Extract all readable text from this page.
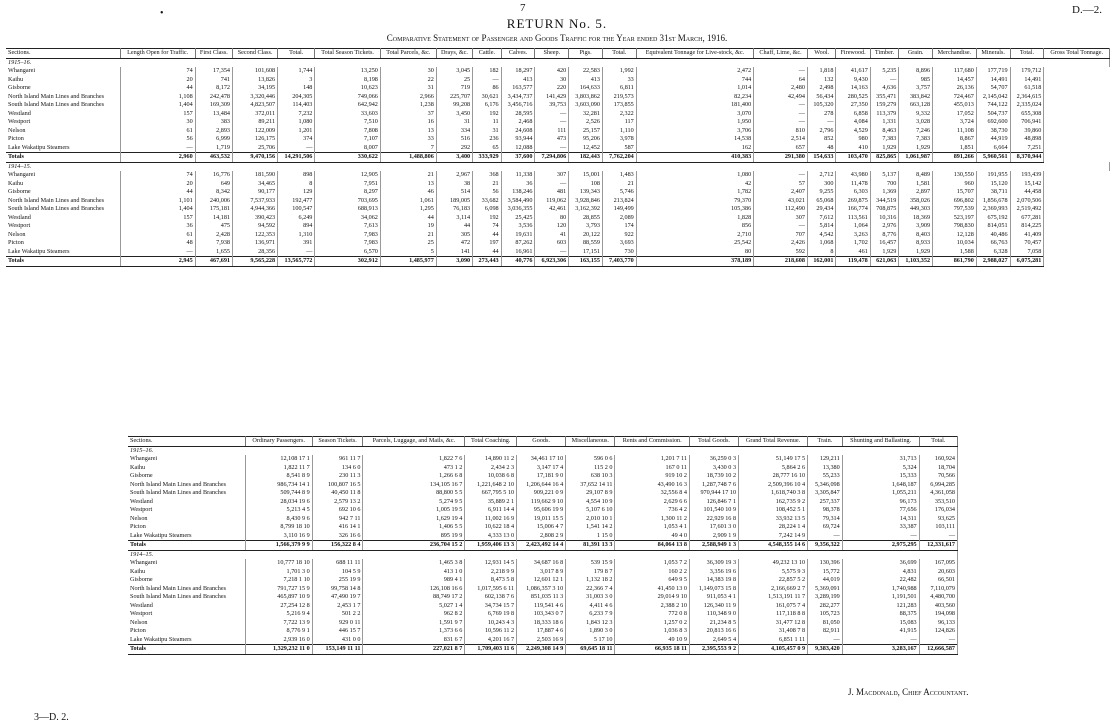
•	7	D.—2.
RETURN No. 5.
Comparative Statement of Passenger and Goods Traffic for the Year ended 31st March, 1916.
Sections.	Length Open for Traffic.	First Class.	Second Class.	Total.	Total Season Tickets.	Total Parcels, &c.	Drays, &c.	Cattle.	Calves.	Sheep.	Pigs.	Total.	Equivalent Tonnage for Live-stock, &c.	Chaff, Lime, &c.	Wool.	Firewood.	Timber.	Grain.	Merchandise.	Minerals.	Total.	Gross Total Tonnage.
1915–16.																						
Whangarei	74	17,354	101,608	1,744	13,250	30	3,045	182	18,297	420	22,583	1,992	2,472	—	1,818	41,617	5,235	8,896	117,680	177,719	179,712	
Kaihu	20	741	13,826	3	8,198	22	25	—	413	30	413	33	744	64	132	9,430	—	985	14,457	14,491	14,491	
Gisborne	44	8,172	34,195	148	10,623	31	719	86	163,577	220	164,633	6,811	1,014	2,480	2,498	14,163	4,636	3,757	26,136	54,707	61,518	
North Island Main Lines and Branches	1,108	242,478	3,320,446	204,305	749,066	2,966	225,707	30,621	3,434,737	141,429	3,803,862	219,573	82,234	42,494	56,434	280,525	355,471	383,842	724,467	2,145,042	2,364,615	
South Island Main Lines and Branches	1,404	169,309	4,823,507	114,403	642,942	1,238	99,208	6,176	3,456,716	39,753	3,603,090	173,855	181,400	—	105,320	27,350	159,279	663,128	455,013	744,122	2,335,024	
Westland	157	13,484	372,011	7,232	33,603	37	3,450	192	28,595	—	32,281	2,322	3,070	—	278	6,858	113,379	9,332	17,052	504,737	655,308	
Westport	30	383	89,211	1,080	7,510	16	31	11	2,468	—	2,526	117	1,950	—	—	4,084	1,331	3,028	3,724	692,600	706,941	
Nelson	61	2,893	122,009	1,201	7,808	13	334	31	24,608	111	25,157	1,110	3,706	810	2,796	4,529	8,463	7,246	11,108	38,730	39,860	
Picton	56	6,999	126,175	374	7,107	33	516	236	93,944	473	95,206	3,978	14,538	2,514	852	980	7,383	7,383	8,867	44,919	48,898	
Lake Wakatipu Steamers	—	1,719	25,706	—	8,007	7	292	65	12,088	—	12,452	587	162	657	48	410	1,929	1,929	1,851	6,664	7,251	
Totals	2,960	463,532	9,470,156	14,291,506	330,622	1,488,806	3,400	333,929	37,600	7,294,806	182,443	7,762,204	410,383	291,380	154,633	103,470	825,865	1,061,987	891,266	5,960,561	8,370,944	
1914–15.																						
Whangarei	74	16,776	181,590	898	12,905	21	2,967	368	11,338	307	15,001	1,483	1,080	—	2,712	43,980	5,137	8,489	130,550	191,955	193,439	
Kaihu	20	649	34,465	8	7,951	13	38	21	36	—	108	21	42	57	300	11,478	700	1,581	960	15,120	15,142	
Gisborne	44	8,342	90,177	129	8,297	46	514	56	138,246	481	139,343	5,746	1,782	2,407	9,255	6,303	1,369	2,897	15,707	38,711	44,458	
North Island Main Lines and Branches	1,101	240,006	7,537,933	192,477	703,695	1,061	189,005	33,682	3,584,490	119,062	3,928,846	213,824	79,370	43,021	65,068	269,875	344,519	358,026	696,802	1,856,678	2,070,506	
South Island Main Lines and Branches	1,404	175,181	4,944,366	100,547	688,913	1,295	76,183	6,098	3,036,355	42,461	3,162,392	149,499	105,386	112,490	29,434	166,774	708,875	449,303	797,539	2,369,993	2,519,492	
Westland	157	14,181	390,423	6,249	34,062	44	3,114	192	25,425	80	28,855	2,089	1,828	307	7,612	113,561	10,316	18,369	523,197	675,192	677,281	
Westport	36	475	94,592	894	7,613	19	44	74	3,536	120	3,793	174	856	—	5,814	1,064	2,976	3,909	798,830	814,051	814,225	
Nelson	61	2,428	122,353	1,310	7,983	21	305	44	19,631	41	20,122	922	2,710	707	4,542	3,263	8,776	8,403	12,128	40,486	41,409	
Picton	48	7,938	136,971	391	7,983	25	472	197	87,262	603	88,559	3,693	25,542	2,426	1,068	1,702	16,457	8,933	10,034	66,763	70,457	
Lake Wakatipu Steamers	—	1,655	28,356	—	6,570	5	141	44	16,961	—	17,151	730	80	592	8	461	1,929	1,929	1,588	6,328	7,058	
Totals	2,945	467,691	9,565,228	13,565,772	302,912	1,485,977	3,090	273,443	40,776	6,923,306	163,155	7,403,770	378,189	218,608	162,001	119,478	621,063	1,103,352	861,790	2,988,027	6,075,281	
Sections.	Ordinary Passengers.	Season Tickets.	Parcels, Luggage, and Mails, &c.	Total Coaching.	Goods.	Miscellaneous.	Rents and Commission.	Total Goods.	Grand Total Revenue.	Train.	Shunting and Ballasting.	Total.
1915–16.												
Whangarei	12,108 17 1	961 11 7	1,822 7 6	14,890 11 2	34,461 17 10	596 0 6	1,201 7 11	36,259 0 3	51,149 17 5	129,211	31,713	160,924
Kaihu	1,822 11 7	134 6 0	473 1 2	2,434 2 3	3,147 17 4	115 2 0	167 0 11	3,430 0 3	5,864 2 6	13,380	5,324	18,704
Gisborne	8,541 8 9	230 11 3	1,266 6 8	10,038 6 8	17,181 9 0	638 10 3	919 10 2	18,739 10 2	28,777 16 10	55,233	15,333	70,566
North Island Main Lines and Branches	986,734 14 1	100,807 16 5	134,105 16 7	1,221,648 2 10	1,206,644 16 4	37,652 14 11	43,490 16 3	1,287,748 7 6	2,509,396 10 4	5,346,098	1,648,187	6,994,285
South Island Main Lines and Branches	509,744 8 9	40,450 11 8	88,800 5 5	667,795 5 10	909,221 0 9	29,107 8 9	32,556 8 4	970,944 17 10	1,618,740 3 8	3,305,847	1,055,211	4,361,058
Westland	28,034 19 6	2,579 13 2	5,274 9 5	35,889 2 1	119,662 9 10	4,554 10 9	2,629 6 6	126,846 7 1	162,735 9 2	257,337	96,173	353,510
Westport	5,213 4 5	692 10 6	1,005 19 5	6,911 14 4	95,606 19 9	5,107 6 10	736 4 2	101,540 10 9	108,452 5 1	98,378	77,656	176,034
Nelson	8,430 9 6	942 7 11	1,629 19 4	11,002 16 9	19,011 15 5	2,010 10 1	1,300 11 2	22,929 16 8	33,932 13 5	79,314	14,311	93,625
Picton	8,799 18 10	416 14 1	1,406 5 5	10,622 18 4	15,006 4 7	1,541 14 2	1,053 4 1	17,601 3 0	28,224 1 4	69,724	33,387	103,111
Lake Wakatipu Steamers	3,110 16 9	326 16 6	895 19 9	4,333 13 0	2,808 2 9	1 15 0	49 4 0	2,909 1 9	7,242 14 9	—	—	—
Totals	1,566,379 9 9	156,322 8 4	236,704 15 2	1,959,406 13 3	2,423,492 14 4	81,391 13 3	84,064 13 8	2,588,949 1 3	4,548,355 14 6	9,356,322	2,975,295	12,331,617
1914–15.												
Whangarei	10,777 18 10	688 11 11	1,465 3 8	12,931 14 5	34,687 16 8	539 15 9	1,053 7 2	36,309 19 3	49,232 13 10	130,396	36,699	167,095
Kaihu	1,701 3 0	104 5 9	413 1 0	2,218 9 9	3,017 8 9	179 8 7	160 2 2	3,356 19 6	5,575 9 3	15,772	4,831	20,603
Gisborne	7,218 1 10	255 19 9	989 4 1	8,473 5 8	12,601 12 1	1,132 18 2	649 9 5	14,383 19 8	22,857 5 2	44,019	22,482	66,501
North Island Main Lines and Branches	791,727 15 9	99,758 14 8	126,108 16 6	1,017,595 6 11	1,086,357 3 10	22,366 7 4	41,450 13 0	1,149,073 15 8	2,166,669 2 7	5,369,091	1,740,988	7,110,079
South Island Main Lines and Branches	465,897 10 9	47,490 19 7	88,749 17 2	602,138 7 6	851,035 11 3	31,003 3 0	29,014 9 10	911,053 4 1	1,513,191 11 7	3,289,199	1,191,501	4,480,700
Westland	27,254 12 8	2,453 1 7	5,027 1 4	34,734 15 7	119,541 4 6	4,411 4 6	2,388 2 10	126,340 11 9	161,075 7 4	282,277	121,283	403,560
Westport	5,216 9 4	501 2 2	962 8 2	6,769 19 8	103,343 0 7	6,233 7 9	772 0 8	110,348 9 0	117,118 8 8	105,723	88,375	194,098
Nelson	7,722 13 9	929 0 11	1,591 9 7	10,243 4 3	18,333 18 6	1,843 12 3	1,257 0 2	21,234 8 5	31,477 12 8	81,050	15,083	96,133
Picton	8,776 9 1	446 15 7	1,373 6 6	10,596 11 2	17,887 4 6	1,890 3 0	1,036 8 3	20,813 16 6	31,408 7 8	82,911	41,915	124,826
Lake Wakatipu Steamers	2,939 16 0	431 0 0	831 6 7	4,201 16 7	2,503 16 9	5 17 10	49 10 9	2,649 5 4	6,851 1 11	—	—	—
Totals	1,329,232 11 0	153,149 11 11	227,021 8 7	1,709,403 11 6	2,249,308 14 9	69,645 18 11	66,935 18 11	2,395,553 9 2	4,105,457 0 9	9,383,420	3,283,167	12,666,587
J. Macdonald, Chief Accountant.
3—D. 2.
